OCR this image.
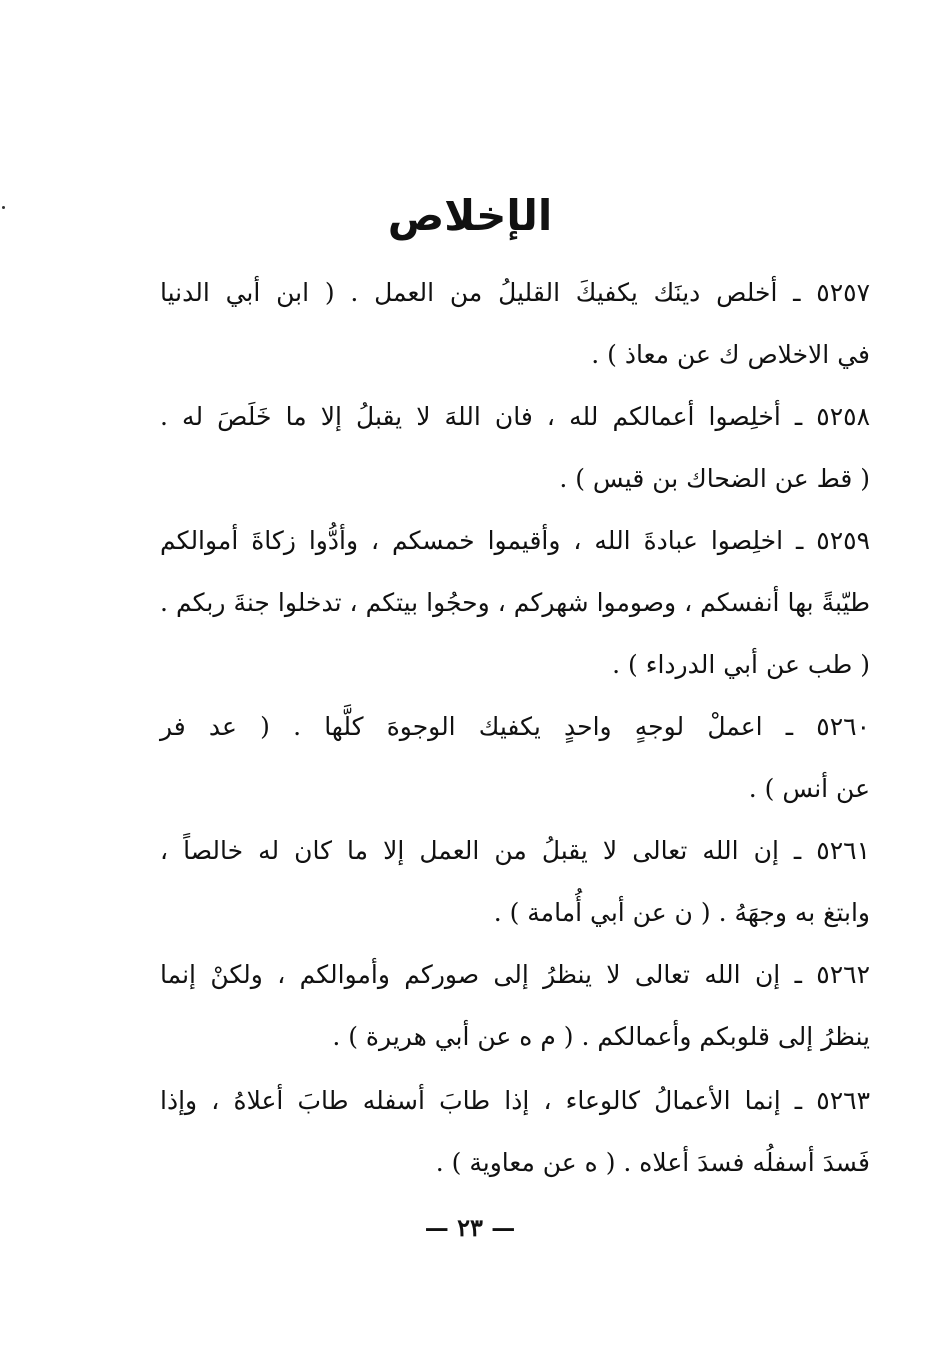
الإخلاص
٥٢٥٧ ـ أخلص دينَك يكفيكَ القليلُ من العمل . ( ابن أبي الدنيا
في الاخلاص ك عن معاذ ) .
٥٢٥٨ ـ أخلِصوا أعمالكم لله ، فان اللهَ لا يقبلُ إلا ما خَلَصَ له .
( قط عن الضحاك بن قيس ) .
٥٢٥٩ ـ اخلِصوا عبادةَ الله ، وأقيموا خمسكم ، وأدُّوا زكاةَ أموالكم
طيّبةً بها أنفسكم ، وصوموا شهركم ، وحجُوا بيتكم ، تدخلوا جنةَ ربكم .
( طب عن أبي الدرداء ) .
٥٢٦٠ ـ اعملْ لوجهٍ واحدٍ يكفيك الوجوهَ كلَّها . ( عد فر
عن أنس ) .
٥٢٦١ ـ إن الله تعالى لا يقبلُ من العمل إلا ما كان له خالصاً ،
وابتغ به وجهَهُ . ( ن عن أبي أُمامة ) .
٥٢٦٢ ـ إن الله تعالى لا ينظرُ إلى صوركم وأموالكم ، ولكنْ إنما
ينظرُ إلى قلوبكم وأعمالكم . ( م ه عن أبي هريرة ) .
٥٢٦٣ ـ إنما الأعمالُ كالوعاء ، إذا طابَ أسفله طابَ أعلاهُ ، وإذا
فَسدَ أسفلُه فسدَ أعلاه . ( ه عن معاوية ) .
— ٢٣ —
